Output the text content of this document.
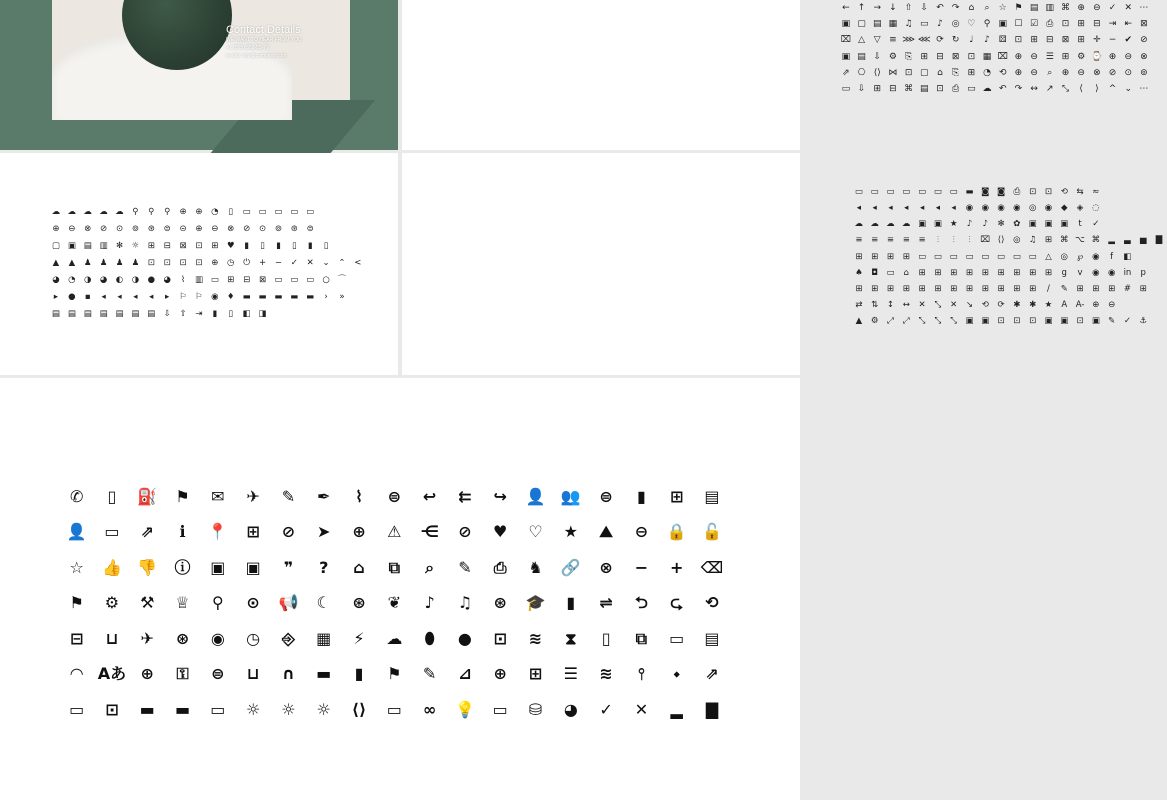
Contact Details
WE WANT TO HEAR FROM YOU
+1 (555) 888-55-77
e-mail: info@company.com
← ↑ → ↓ ⇧ ⇩ ↶ ↷	⌂	⌕	☆ ⚑ ▤ ▥ ⌘ ⊕ ⊖ ✓ ✕ ⋯
▣ ▢ ▤ ▦ ♫ ▭ ♪ ◎ ♡ ⚲ ▣ ☐ ☑ ⎙ ⊡ ⊞ ⊟ ⇥ ⇤ ⊠
⌧ △ ▽ ≡ ⋙ ⋘ ⟳ ↻	♩	♪ ⚄ ⊡ ⊞ ⊟ ⊠ ⊞ ✛ − ✔ ⊘
▣ ▤ ⇩ ⚙ ⎘ ⊞ ⊟ ⊠ ⊡ ▦ ⌧ ⊕ ⊖ ☰ ⊞ ⚙ ⌚ ⊕ ⊖ ⊗
⇗ ⎔ ⟨⟩ ⋈ ⊡ ▢ ⌂	⎘ ⊞ ◔ ⟲ ⊕ ⊖	⌕	⊕ ⊖ ⊗ ⊘ ⊙ ⊚
▭ ⇩ ⊞ ⊟ ⌘ ▤ ⊡ ⎙ ▭ ☁ ↶ ↷ ↔ ↗ ⤡	⟨	⟩	^ ⌄ ⋯
☁ ☁ ☁ ☁ ☁	⚲	⚲	⚲	⊕	⊕	◔	▯	▭ ▭ ▭ ▭ ▭
⊕	⊖	⊗	⊘	⊙	⊚	⊛	⊜	⊝	⊕	⊖	⊗	⊘	⊙	⊚	⊛	⊜
▢ ▣ ▤ ▥ ✻	☼	⊞	⊟	⊠	⊡	⊞	♥	▮	▯	▮	▯	▮	▯
▲	▲	♟ ♟ ♟ ♟	⊡	⊡	⊡	⊡	⊕	◷	⏻	+	−	✓	✕	⌄	⌃	<
◕ ◔ ◑ ◕ ◐ ◑ ● ◕	⌇	▥ ▭ ⊞	⊟	⊠ ▭ ▭ ▭ ○ ⌒
▸	●	▪	◂	◂	◂	◂	▸	⚐ ⚐ ◉ ♦ ▬ ▬ ▬ ▬ ▬	›	»
▤ ▤ ▤ ▤ ▤ ▤ ▤ ⇩	⇧	⇥	▮	▯	◧ ◨
▭ ▭ ▭ ▭ ▭ ▭ ▭ ▬ ◙ ◙ ⎙	⊡	⊡	⟲	⇆	≈
◂	◂	◂	◂	◂	◂	◂	◉ ◉ ◉ ◉ ◎ ◉	◆	◈	◌
☁ ☁ ☁ ☁ ▣ ▣ ★	♪	♪	✻	✿ ▣ ▣ ▣	t	✓
≡	≡	≡	≡	≡	⫶	⫶	⫶	⌧ ⟨⟩	◎ ♫ ⊞ ⌘ ⌥ ⌘ ▂	▃	▅	▇
⊞	⊞	⊞	⊞ ▭ ▭ ▭ ▭ ▭ ▭ ▭ ▭	△	◎	℘	◉	f	◧
♠	◘ ▭	⌂	⊞	⊞	⊞	⊞	⊞	⊞	⊞	⊞	⊞	g	v	◉ ◉ in	p
⊞	⊞	⊞	⊞	⊞	⊞	⊞	⊞	⊞	⊞	⊞	⊞	/	✎	⊞	⊞	⊞	#	⊞
⇄	⇅	↕	↔	✕	⤡	✕	↘	⟲	⟳	✱	✱ ★	A	A- ⊕	⊖
▲	⚙	⤢	⤢	⤡	⤡	⤡ ▣ ▣ ⊡	⊡	⊡ ▣ ▣ ⊡ ▣ ✎	✓ ⚓
✆	▯	⛽	⚑	✉	✈	✎	✒	⌇	⊜	↩	⇇	↪	👤 👥	⊜	▮	⊞	▤
👤	▭	⇗	ℹ	📍	⊞	⊘	➤	⊕	⚠	⋲	⊘	♥	♡	★	⛰	⊖	🔒 🔓
☆	👍 👎	ⓘ	▣	▣	❞	?	⌂	⧉	⌕	✎	⎙	♞	🔗	⊗	−	+	⌫
⚑	⚙	⚒	♕	⚲	⊙	📢	☾	⊛	❦	♪	♫	⊛	🎓	▮	⇌	⮌	⮎	⟲
⊟	⊔	✈	⊛	◉	◷	⎆	▦	⚡	☁	⬮	●	⊡	≋	⧗	▯	⧉	▭	▤
◠ Aあ ⊕	⚿	⊜	⊔	∩	▬	▮	⚑	✎	⊿	⊕	⊞	☰	≋	⫯	⬩	⇗
▭	⊡	▬	▬	▭	☼	☼	☼	⟨⟩	▭	∞	💡	▭	⛁	◕	✓	✕	▂	▇
